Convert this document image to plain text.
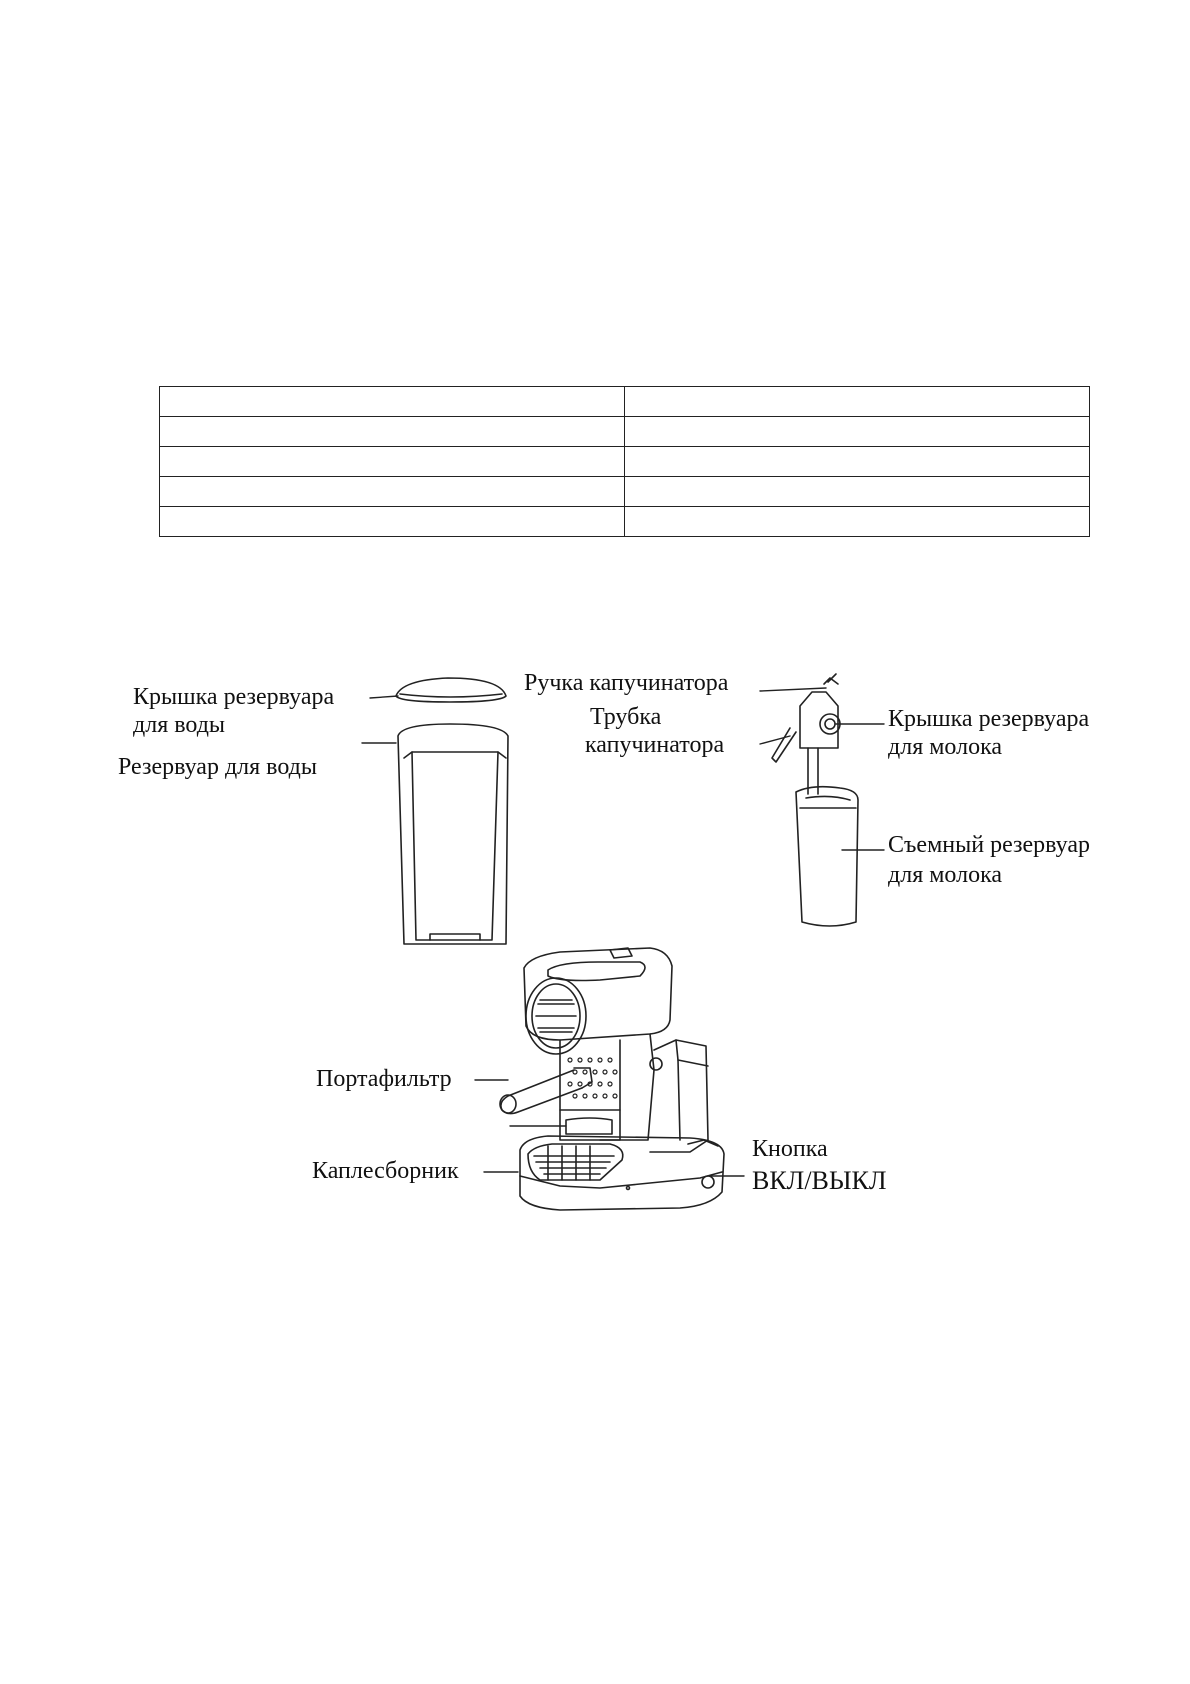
Крышка резервуара
для воды
Резервуар для воды
Ручка капучинатора
Трубка
капучинатора
Крышка резервуара
для молока
Съемный резервуар
для молока
Портафильтр
Каплесборник
Кнопка
ВКЛ/ВЫКЛ
